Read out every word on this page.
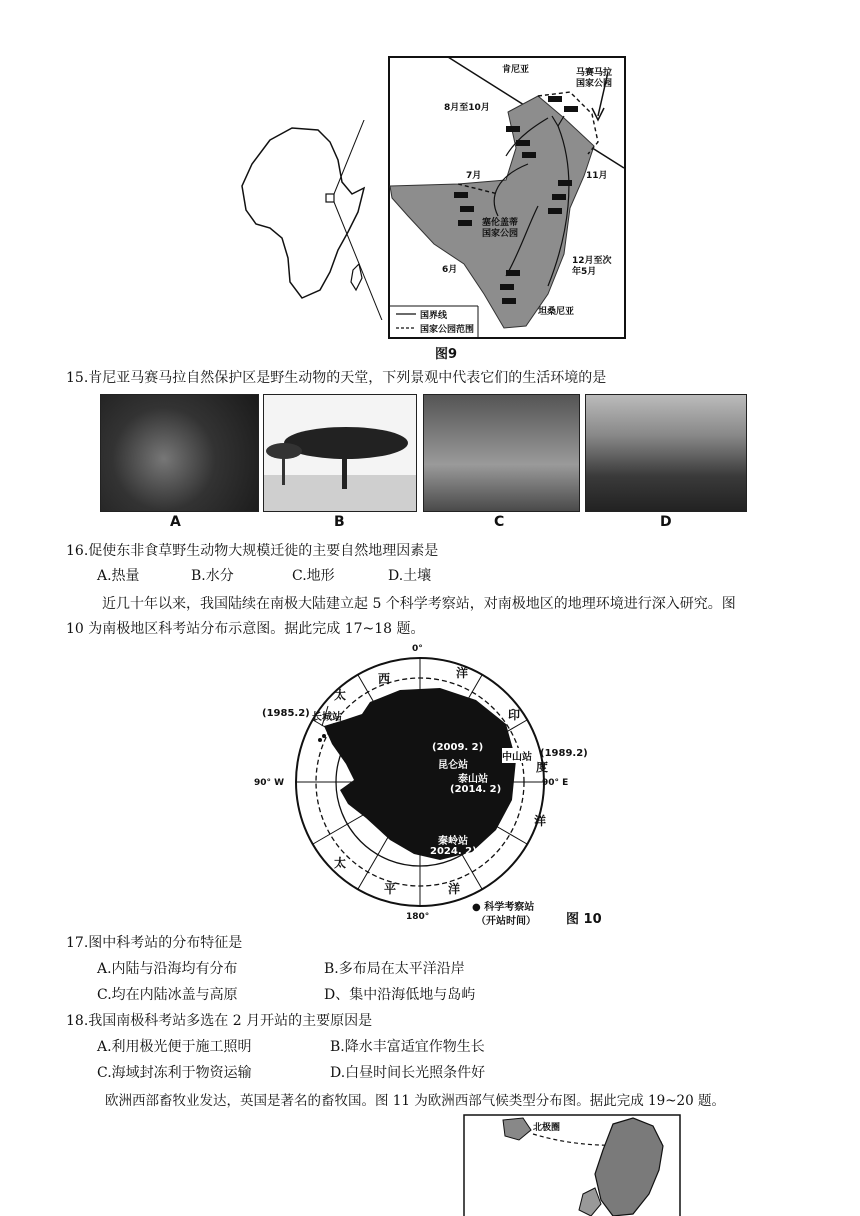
肯尼亚	马赛马拉
国家公园
8月至10月
7月	11月
塞伦盖蒂
国家公园
6月
12月至次
年5月
坦桑尼亚
国界线
国家公园范围
图9
15.肯尼亚马赛马拉自然保护区是野生动物的天堂，下列景观中代表它们的生活环境的是
A	B	C	D
16.促使东非食草野生动物大规模迁徙的主要自然地理因素是
A.热量	B.水分	C.地形	D.土壤
近几十年以来，我国陆续在南极大陆建立起 5 个科学考察站，对南极地区的地理环境进行深入研究。图
10 为南极地区科考站分布示意图。据此完成 17~18 题。
0°
90° W	90° E
180°
西	洋
太
印
度
洋
太
平	洋
(1985.2) 长城站
中山站 (1989.2)
(2009. 2)
昆仑站
泰山站
(2014. 2)
秦岭站
2024. 2)
● 科学考察站
（开站时间） 图 10
17.图中科考站的分布特征是
A.内陆与沿海均有分布	B.多布局在太平洋沿岸
C.均在内陆冰盖与高原	D、集中沿海低地与岛屿
18.我国南极科考站多选在 2 月开站的主要原因是
A.利用极光便于施工照明	B.降水丰富适宜作物生长
C.海域封冻利于物资运输	D.白昼时间长光照条件好
欧洲西部畜牧业发达，英国是著名的畜牧国。图 11 为欧洲西部气候类型分布图。据此完成 19~20 题。
北极圈
